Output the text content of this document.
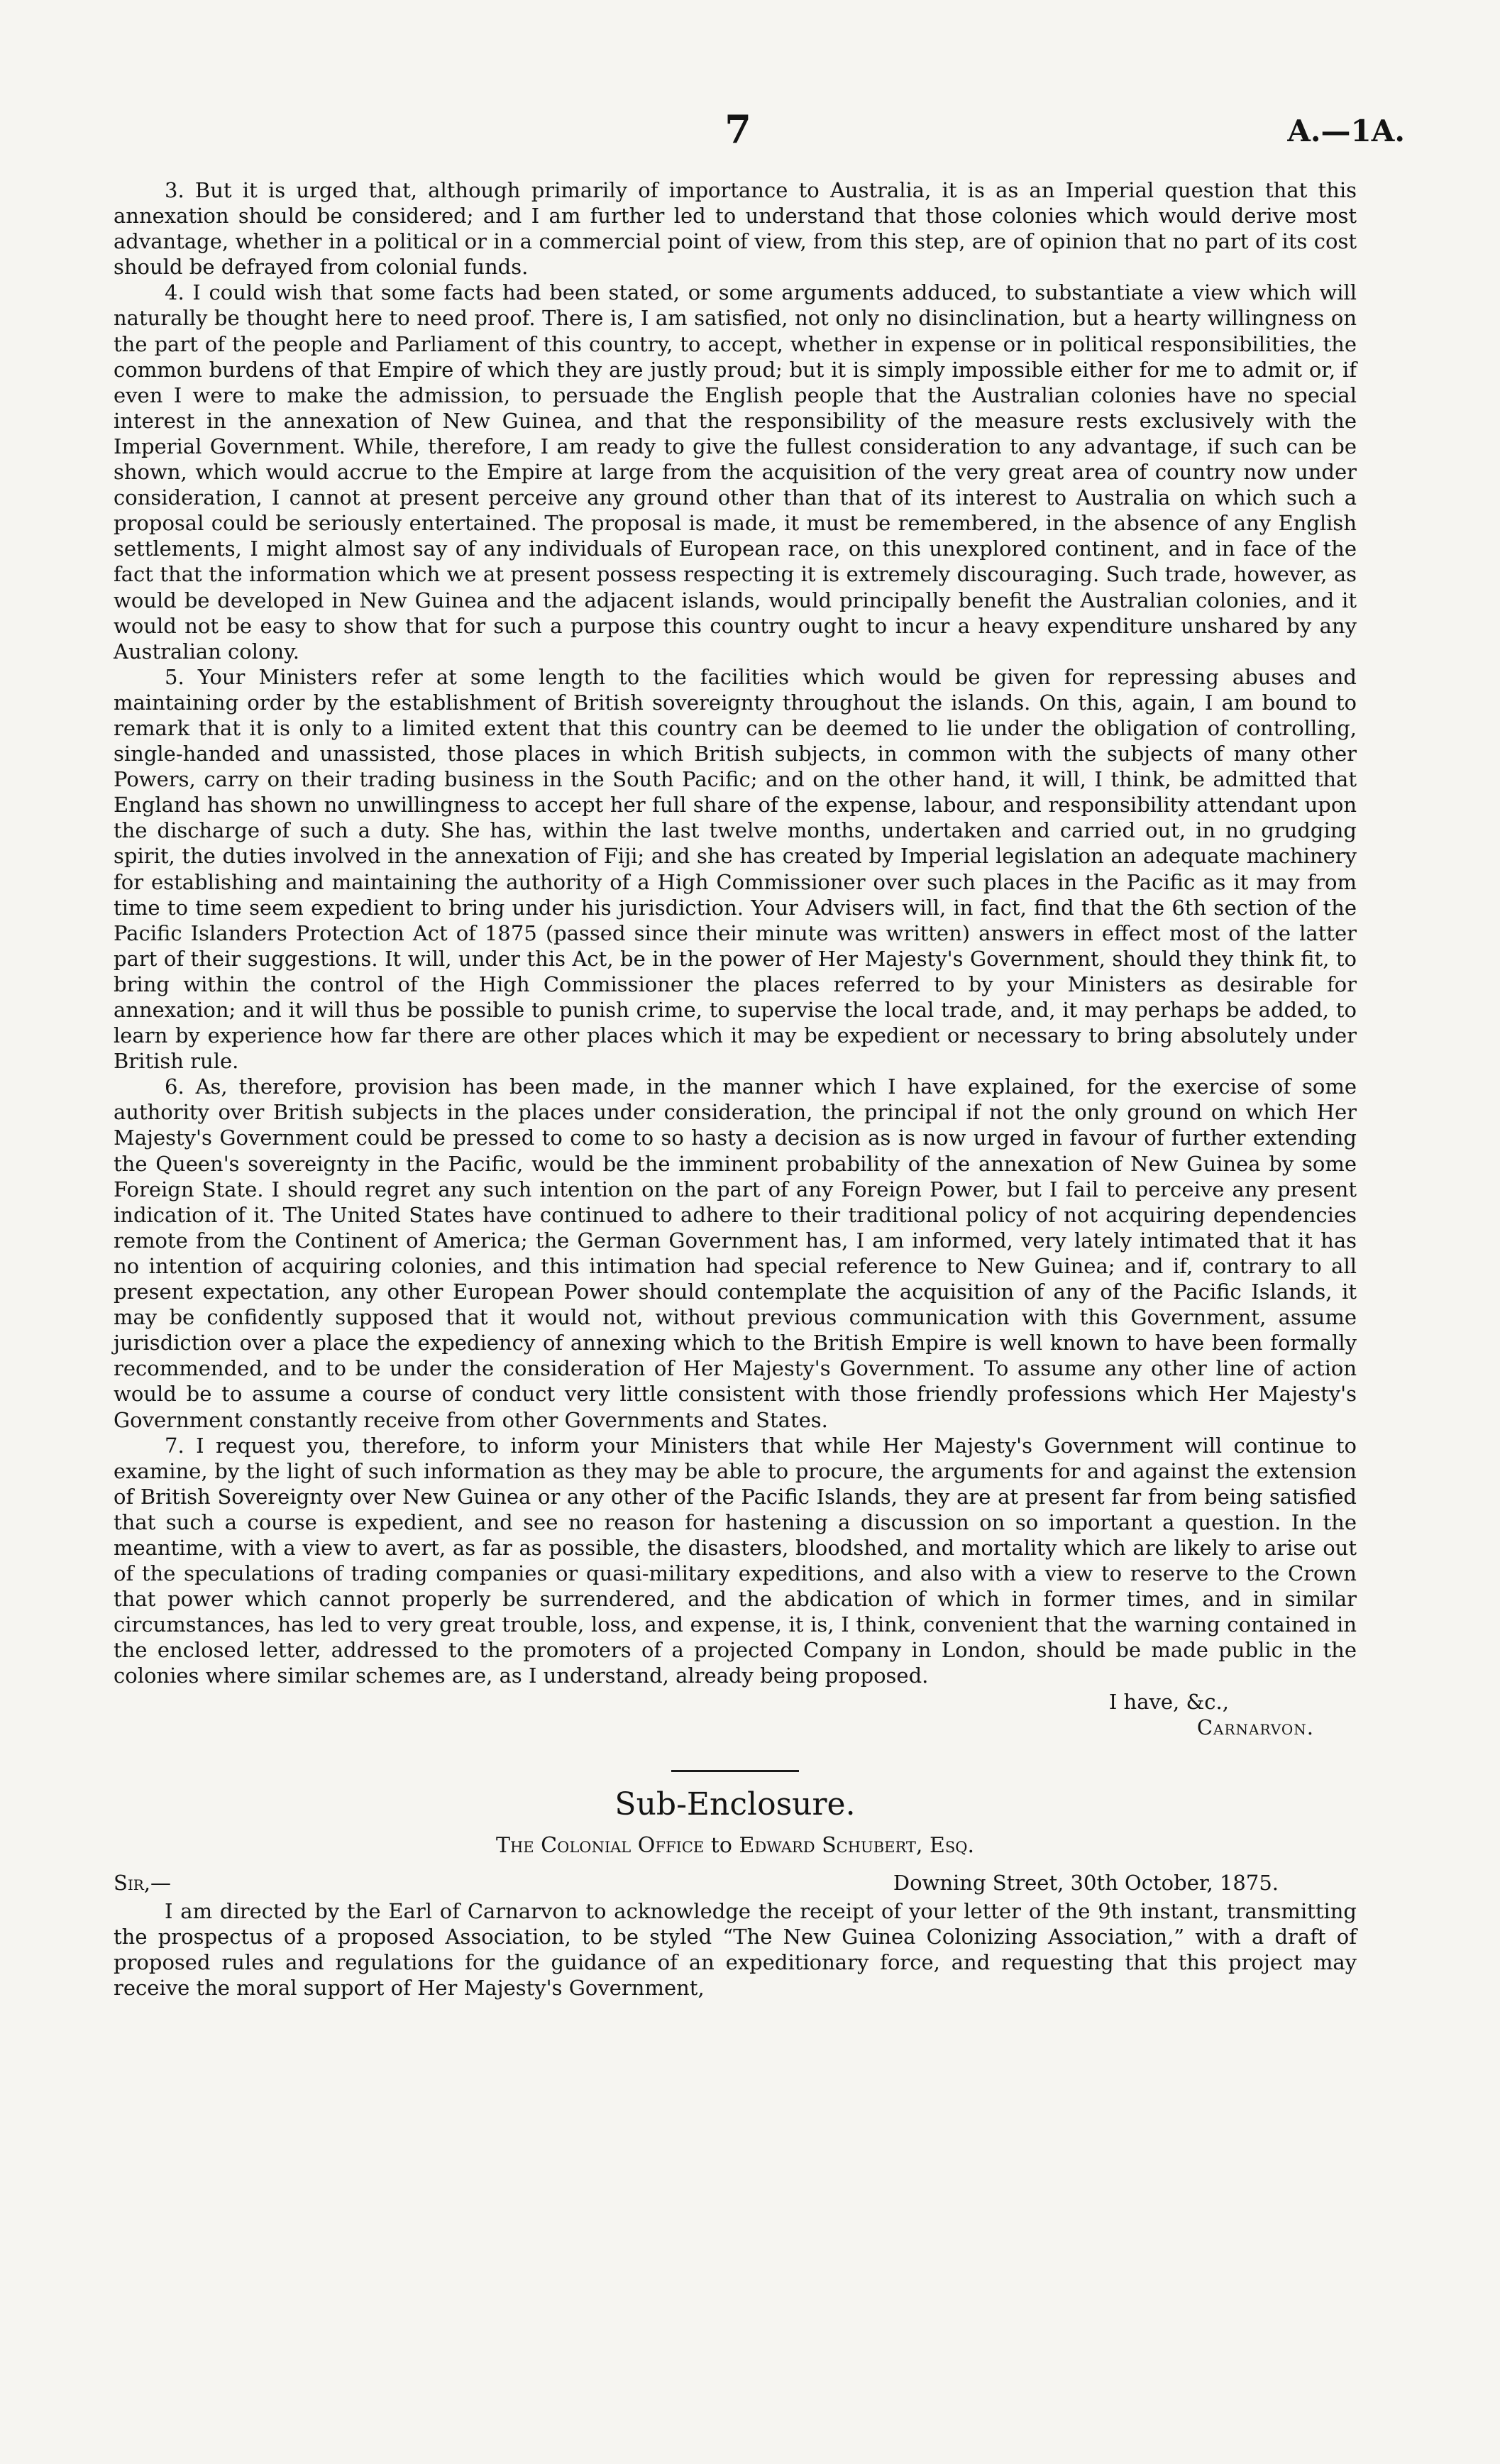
7	A.—1A.

3. But it is urged that, although primarily of importance to Australia, it is as an Imperial question that this annexation should be considered; and I am further led to understand that those colonies which would derive most advantage, whether in a political or in a commercial point of view, from this step, are of opinion that no part of its cost should be defrayed from colonial funds.

4. I could wish that some facts had been stated, or some arguments adduced, to substantiate a view which will naturally be thought here to need proof. There is, I am satisfied, not only no disinclination, but a hearty willingness on the part of the people and Parliament of this country, to accept, whether in expense or in political responsibilities, the common burdens of that Empire of which they are justly proud; but it is simply impossible either for me to admit or, if even I were to make the admission, to persuade the English people that the Australian colonies have no special interest in the annexation of New Guinea, and that the responsibility of the measure rests exclusively with the Imperial Government. While, therefore, I am ready to give the fullest consideration to any advantage, if such can be shown, which would accrue to the Empire at large from the acquisition of the very great area of country now under consideration, I cannot at present perceive any ground other than that of its interest to Australia on which such a proposal could be seriously entertained. The proposal is made, it must be remembered, in the absence of any English settlements, I might almost say of any individuals of European race, on this unexplored continent, and in face of the fact that the information which we at present possess respecting it is extremely discouraging. Such trade, however, as would be developed in New Guinea and the adjacent islands, would principally benefit the Australian colonies, and it would not be easy to show that for such a purpose this country ought to incur a heavy expenditure unshared by any Australian colony.

5. Your Ministers refer at some length to the facilities which would be given for repressing abuses and maintaining order by the establishment of British sovereignty throughout the islands. On this, again, I am bound to remark that it is only to a limited extent that this country can be deemed to lie under the obligation of controlling, single-handed and unassisted, those places in which British subjects, in common with the subjects of many other Powers, carry on their trading business in the South Pacific; and on the other hand, it will, I think, be admitted that England has shown no unwillingness to accept her full share of the expense, labour, and responsibility attendant upon the discharge of such a duty. She has, within the last twelve months, undertaken and carried out, in no grudging spirit, the duties involved in the annexation of Fiji; and she has created by Imperial legislation an adequate machinery for establishing and maintaining the authority of a High Commissioner over such places in the Pacific as it may from time to time seem expedient to bring under his jurisdiction. Your Advisers will, in fact, find that the 6th section of the Pacific Islanders Protection Act of 1875 (passed since their minute was written) answers in effect most of the latter part of their suggestions. It will, under this Act, be in the power of Her Majesty's Government, should they think fit, to bring within the control of the High Commissioner the places referred to by your Ministers as desirable for annexation; and it will thus be possible to punish crime, to supervise the local trade, and, it may perhaps be added, to learn by experience how far there are other places which it may be expedient or necessary to bring absolutely under British rule.

6. As, therefore, provision has been made, in the manner which I have explained, for the exercise of some authority over British subjects in the places under consideration, the principal if not the only ground on which Her Majesty's Government could be pressed to come to so hasty a decision as is now urged in favour of further extending the Queen's sovereignty in the Pacific, would be the imminent probability of the annexation of New Guinea by some Foreign State. I should regret any such intention on the part of any Foreign Power, but I fail to perceive any present indication of it. The United States have continued to adhere to their traditional policy of not acquiring dependencies remote from the Continent of America; the German Government has, I am informed, very lately intimated that it has no intention of acquiring colonies, and this intimation had special reference to New Guinea; and if, contrary to all present expectation, any other European Power should contemplate the acquisition of any of the Pacific Islands, it may be confidently supposed that it would not, without previous communication with this Government, assume jurisdiction over a place the expediency of annexing which to the British Empire is well known to have been formally recommended, and to be under the consideration of Her Majesty's Government. To assume any other line of action would be to assume a course of conduct very little consistent with those friendly professions which Her Majesty's Government constantly receive from other Governments and States.

7. I request you, therefore, to inform your Ministers that while Her Majesty's Government will continue to examine, by the light of such information as they may be able to procure, the arguments for and against the extension of British Sovereignty over New Guinea or any other of the Pacific Islands, they are at present far from being satisfied that such a course is expedient, and see no reason for hastening a discussion on so important a question. In the meantime, with a view to avert, as far as possible, the disasters, bloodshed, and mortality which are likely to arise out of the speculations of trading companies or quasi-military expeditions, and also with a view to reserve to the Crown that power which cannot properly be surrendered, and the abdication of which in former times, and in similar circumstances, has led to very great trouble, loss, and expense, it is, I think, convenient that the warning contained in the enclosed letter, addressed to the promoters of a projected Company in London, should be made public in the colonies where similar schemes are, as I understand, already being proposed.

I have, &c.,
Carnarvon.
Sub-Enclosure.
The Colonial Office to Edward Schubert, Esq.
Sir,—	Downing Street, 30th October, 1875.

I am directed by the Earl of Carnarvon to acknowledge the receipt of your letter of the 9th instant, transmitting the prospectus of a proposed Association, to be styled “The New Guinea Colonizing Association,” with a draft of proposed rules and regulations for the guidance of an expeditionary force, and requesting that this project may receive the moral support of Her Majesty's Government,
